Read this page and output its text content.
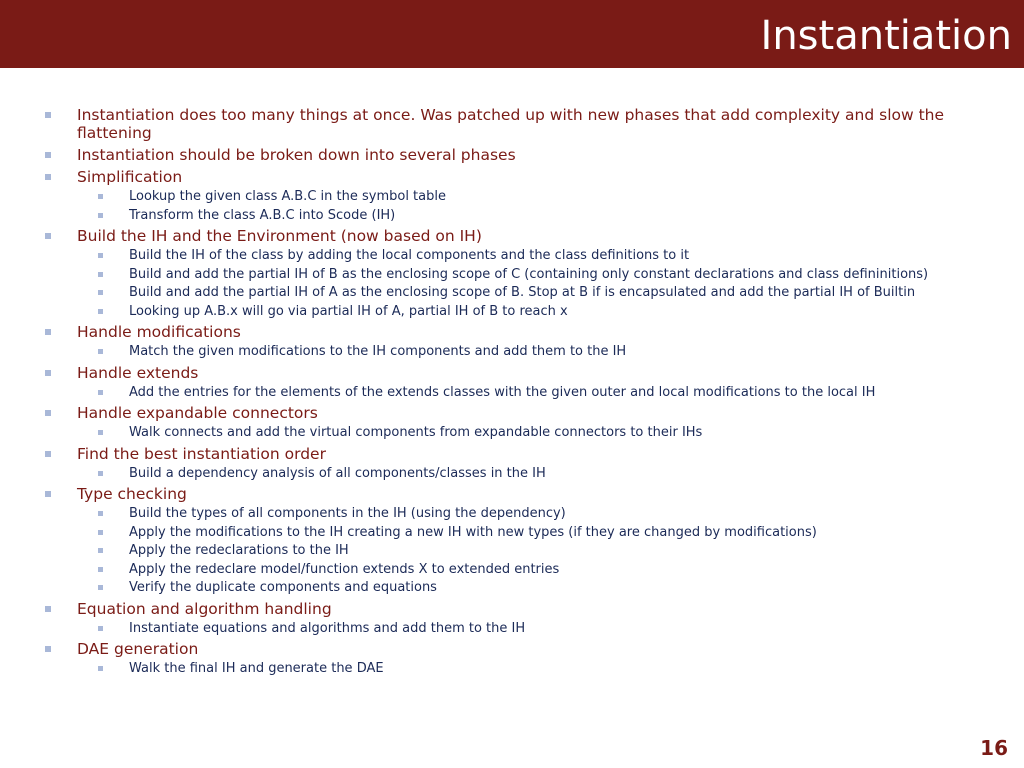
Instantiation
Instantiation does too many things at once. Was patched up with new phases that add complexity and slow the flattening
Instantiation should be broken down into several phases
Simplification
Lookup the given class A.B.C in the symbol table
Transform the class A.B.C into Scode (IH)
Build the IH and the Environment (now based on IH)
Build the IH of the class by adding the local components and the class definitions to it
Build and add the partial IH of B as the enclosing scope of C (containing only constant declarations and class defininitions)
Build and add the partial IH of A as the enclosing scope of B. Stop at B if is encapsulated and add the partial IH of Builtin
Looking up A.B.x will go via partial IH of A, partial IH of B to reach x
Handle modifications
Match the given modifications to the IH components and add them to the IH
Handle extends
Add the entries for the elements of the extends classes with the given outer and local modifications to the local IH
Handle expandable connectors
Walk connects and add the virtual components from expandable connectors to their IHs
Find the best instantiation order
Build a dependency analysis of all components/classes in the IH
Type checking
Build the types of all components in the IH (using the dependency)
Apply the modifications to the IH creating a new IH with new types (if they are changed by modifications)
Apply the redeclarations to the IH
Apply the redeclare model/function extends X to extended entries
Verify the duplicate components and equations
Equation and algorithm handling
Instantiate equations and algorithms and add them to the IH
DAE generation
Walk the final IH and generate the DAE
16
